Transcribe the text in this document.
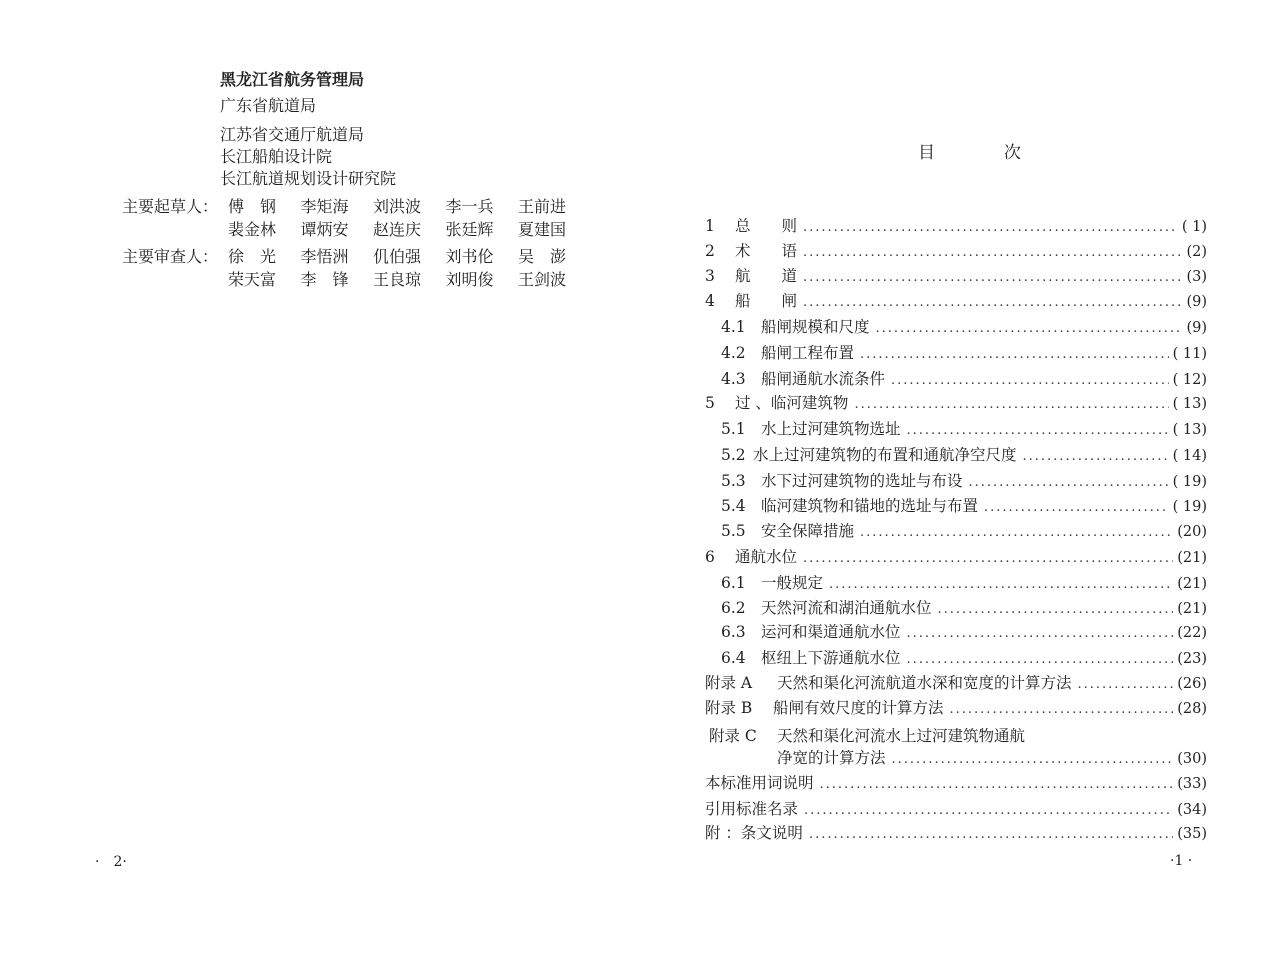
黑龙江省航务管理局
广东省航道局
江苏省交通厅航道局
长江船舶设计院
长江航道规划设计研究院
主要起草人： 傅　钢 李矩海 刘洪波 李一兵 王前进
裴金林 谭炳安 赵连庆 张廷辉 夏建国
主要审查人： 徐　光 李悟洲 仉伯强 刘书伦 吴　澎
荣天富 李　锋 王良琼 刘明俊 王剑波
·　2·
目	次
1 总　　则 .....	( 1)
2 术　　语 .....	(2)
3 航　　道 .....	(3)
4 船　　闸 .....	(9)
4.1 船闸规模和尺度 .....	(9)
4.2 船闸工程布置 .....	( 11)
4.3 船闸通航水流条件 .....	( 12)
5 过 、临河建筑物 .....	( 13)
5.1 水上过河建筑物选址 .....	( 13)
5.2 水上过河建筑物的布置和通航净空尺度 .....	( 14)
5.3 水下过河建筑物的选址与布设 .....	( 19)
5.4 临河建筑物和锚地的选址与布置 .....	( 19)
5.5 安全保障措施 .....	(20)
6 通航水位 .....	(21)
6.1 一般规定 .....	(21)
6.2 天然河流和湖泊通航水位 .....	(21)
6.3 运河和渠道通航水位 .....	(22)
6.4 枢纽上下游通航水位 .....	(23)
附录 A 天然和渠化河流航道水深和宽度的计算方法 .....	(26)
附录 B 船闸有效尺度的计算方法 .....	(28)
附录 C 天然和渠化河流水上过河建筑物通航
净宽的计算方法 .....	(30)
本标准用词说明 .....	(33)
引用标准名录 .....	(34)
附 ：条文说明 .....	(35)
·1 ·
